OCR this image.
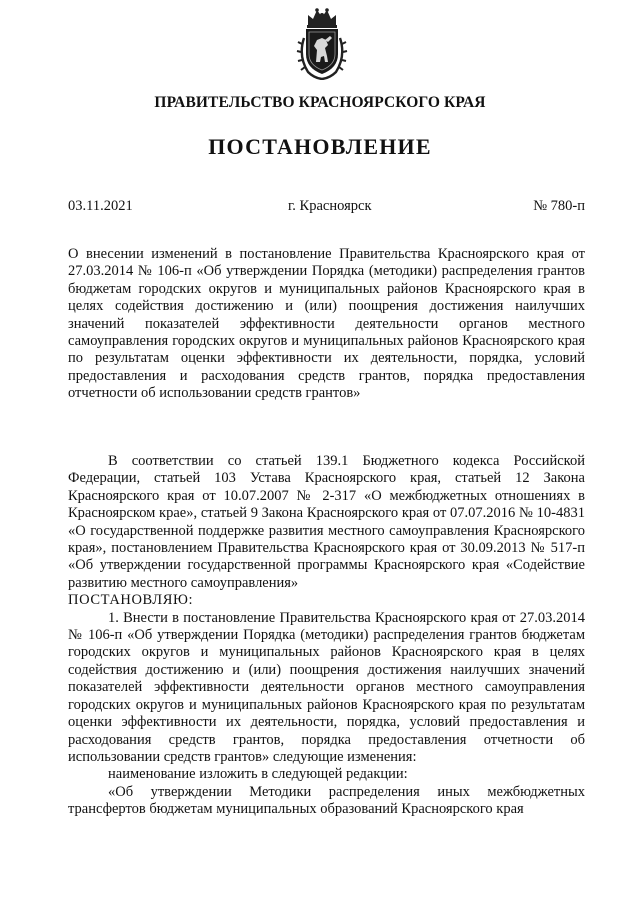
ПРАВИТЕЛЬСТВО КРАСНОЯРСКОГО КРАЯ
ПОСТАНОВЛЕНИЕ
03.11.2021	г. Красноярск	№ 780-п

О внесении изменений в постановление Правительства Красноярского края от 27.03.2014 № 106-п «Об утверждении Порядка (методики) распределения грантов бюджетам городских округов и муниципальных районов Красноярского края в целях содействия достижению и (или) поощрения достижения наилучших значений показателей эффективности деятельности органов местного самоуправления городских округов и муниципальных районов Красноярского края по результатам оценки эффективности их деятельности, порядка, условий предоставления и расходования средств грантов, порядка предоставления отчетности об использовании средств грантов»

В соответствии со статьей 139.1 Бюджетного кодекса Российской Федерации, статьей 103 Устава Красноярского края, статьей 12 Закона Красноярского края от 10.07.2007 № 2-317 «О межбюджетных отношениях в Красноярском крае», статьей 9 Закона Красноярского края от 07.07.2016 № 10-4831 «О государственной поддержке развития местного самоуправления Красноярского края», постановлением Правительства Красноярского края от 30.09.2013 № 517-п «Об утверждении государственной программы Красноярского края «Содействие развитию местного самоуправления»

ПОСТАНОВЛЯЮ:

1. Внести в постановление Правительства Красноярского края от 27.03.2014 № 106-п «Об утверждении Порядка (методики) распределения грантов бюджетам городских округов и муниципальных районов Красноярского края в целях содействия достижению и (или) поощрения достижения наилучших значений показателей эффективности деятельности органов местного самоуправления городских округов и муниципальных районов Красноярского края по результатам оценки эффективности их деятельности, порядка, условий предоставления и расходования средств грантов, порядка предоставления отчетности об использовании средств грантов» следующие изменения:

наименование изложить в следующей редакции:

«Об утверждении Методики распределения иных межбюджетных трансфертов бюджетам муниципальных образований Красноярского края
